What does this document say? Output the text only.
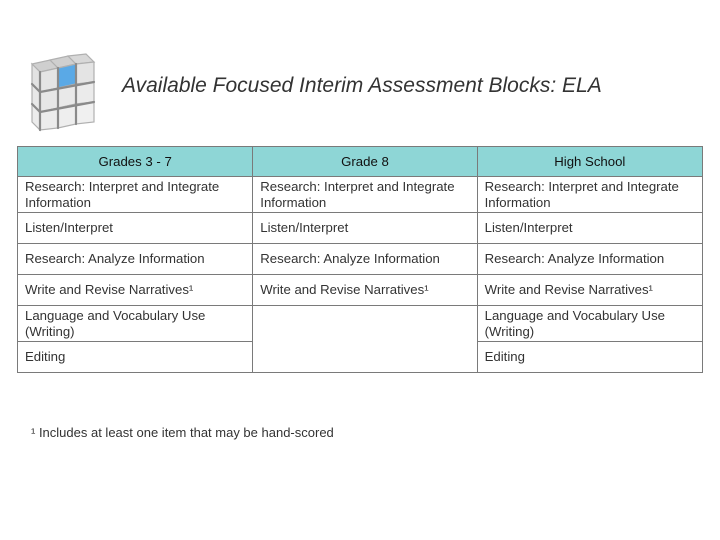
Available Focused Interim Assessment Blocks: ELA
Grades 3 - 7	Grade 8	High School
Research: Interpret and Integrate Information	Research: Interpret and Integrate Information	Research: Interpret and Integrate Information
Listen/Interpret	Listen/Interpret	Listen/Interpret
Research: Analyze Information	Research: Analyze Information	Research: Analyze Information
Write and Revise Narratives¹	Write and Revise Narratives¹	Write and Revise Narratives¹
Language and Vocabulary Use (Writing)		Language and Vocabulary Use (Writing)
Editing		Editing
¹ Includes at least one item that may be hand-scored
